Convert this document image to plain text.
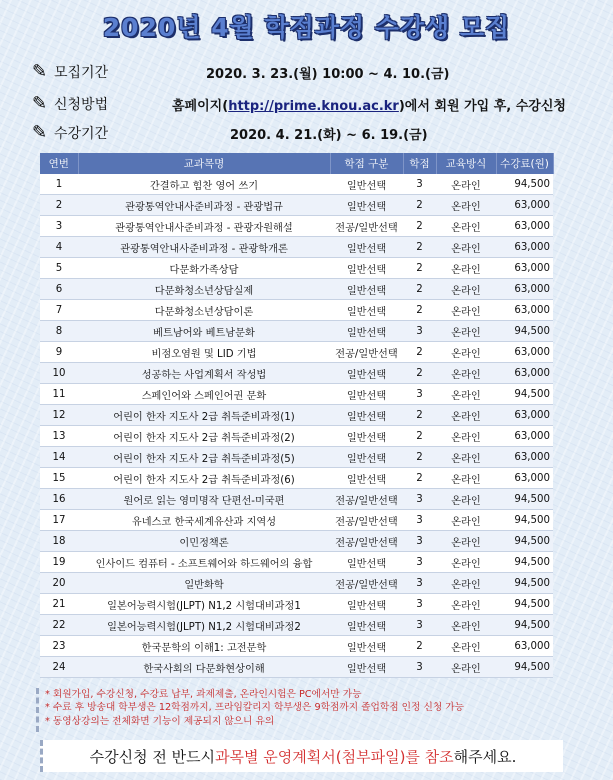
2020년 4월 학점과정 수강생 모집
✎ 모집기간	2020. 3. 23.(월) 10:00 ~ 4. 10.(금)
✎ 신청방법	홈페이지(http://prime.knou.ac.kr)에서 회원 가입 후, 수강신청
✎ 수강기간	2020. 4. 21.(화) ~ 6. 19.(금)
연번	교과목명	학점 구분	학점	교육방식	수강료(원)
1	간결하고 힘찬 영어 쓰기	일반선택	3	온라인	94,500
2	관광통역안내사준비과정 - 관광법규	일반선택	2	온라인	63,000
3	관광통역안내사준비과정 - 관광자원해설	전공/일반선택	2	온라인	63,000
4	관광통역안내사준비과정 - 관광학개론	일반선택	2	온라인	63,000
5	다문화가족상담	일반선택	2	온라인	63,000
6	다문화청소년상담실제	일반선택	2	온라인	63,000
7	다문화청소년상담이론	일반선택	2	온라인	63,000
8	베트남어와 베트남문화	일반선택	3	온라인	94,500
9	비점오염원 및 LID 기법	전공/일반선택	2	온라인	63,000
10	성공하는 사업계획서 작성법	일반선택	2	온라인	63,000
11	스페인어와 스페인어권 문화	일반선택	3	온라인	94,500
12	어린이 한자 지도사 2급 취득준비과정(1)	일반선택	2	온라인	63,000
13	어린이 한자 지도사 2급 취득준비과정(2)	일반선택	2	온라인	63,000
14	어린이 한자 지도사 2급 취득준비과정(5)	일반선택	2	온라인	63,000
15	어린이 한자 지도사 2급 취득준비과정(6)	일반선택	2	온라인	63,000
16	원어로 읽는 영미명작 단편선-미국편	전공/일반선택	3	온라인	94,500
17	유네스코 한국세계유산과 지역성	전공/일반선택	3	온라인	94,500
18	이민정책론	전공/일반선택	3	온라인	94,500
19	인사이드 컴퓨터 - 소프트웨어와 하드웨어의 융합	일반선택	3	온라인	94,500
20	일반화학	전공/일반선택	3	온라인	94,500
21	일본어능력시험(JLPT) N1,2 시험대비과정1	일반선택	3	온라인	94,500
22	일본어능력시험(JLPT) N1,2 시험대비과정2	일반선택	3	온라인	94,500
23	한국문학의 이해1: 고전문학	일반선택	2	온라인	63,000
24	한국사회의 다문화현상이해	일반선택	3	온라인	94,500
* 회원가입, 수강신청, 수강료 납부, 과제제출, 온라인시험은 PC에서만 가능
* 수료 후 방송대 학부생은 12학점까지, 프라임칼리지 학부생은 9학점까지 졸업학점 인정 신청 가능
* 동영상강의는 전체화면 기능이 제공되지 않으니 유의
수강신청 전 반드시 과목별 운영계획서(첨부파일)를 참조 해주세요.
